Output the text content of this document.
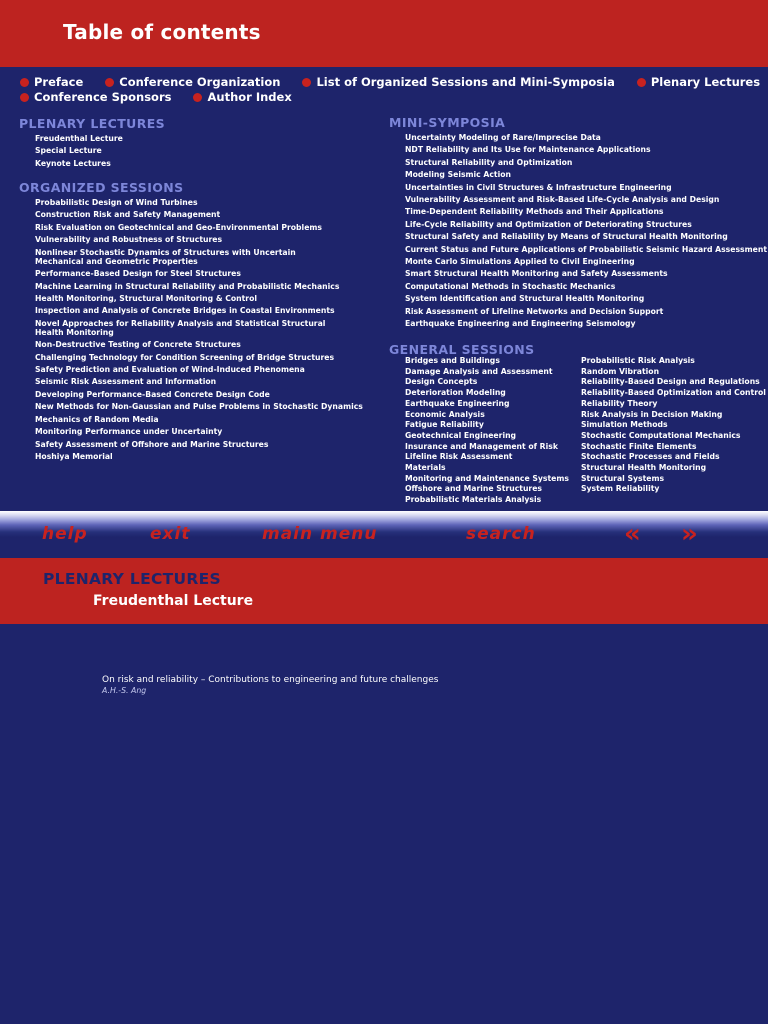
Table of contents
Preface	Conference Organization	List of Organized Sessions and Mini-Symposia	Plenary Lectures
Conference Sponsors	Author Index
PLENARY LECTURES
Freudenthal Lecture
Special Lecture
Keynote Lectures
ORGANIZED SESSIONS
Probabilistic Design of Wind Turbines
Construction Risk and Safety Management
Risk Evaluation on Geotechnical and Geo-Environmental Problems
Vulnerability and Robustness of Structures
Nonlinear Stochastic Dynamics of Structures with Uncertain Mechanical and Geometric Properties
Performance-Based Design for Steel Structures
Machine Learning in Structural Reliability and Probabilistic Mechanics
Health Monitoring, Structural Monitoring & Control
Inspection and Analysis of Concrete Bridges in Coastal Environments
Novel Approaches for Reliability Analysis and Statistical Structural Health Monitoring
Non-Destructive Testing of Concrete Structures
Challenging Technology for Condition Screening of Bridge Structures
Safety Prediction and Evaluation of Wind-Induced Phenomena
Seismic Risk Assessment and Information
Developing Performance-Based Concrete Design Code
New Methods for Non-Gaussian and Pulse Problems in Stochastic Dynamics
Mechanics of Random Media
Monitoring Performance under Uncertainty
Safety Assessment of Offshore and Marine Structures
Hoshiya Memorial
MINI-SYMPOSIA
Uncertainty Modeling of Rare/Imprecise Data
NDT Reliability and Its Use for Maintenance Applications
Structural Reliability and Optimization
Modeling Seismic Action
Uncertainties in Civil Structures & Infrastructure Engineering
Vulnerability Assessment and Risk-Based Life-Cycle Analysis and Design
Time-Dependent Reliability Methods and Their Applications
Life-Cycle Reliability and Optimization of Deteriorating Structures
Structural Safety and Reliability by Means of Structural Health Monitoring
Current Status and Future Applications of Probabilistic Seismic Hazard Assessment
Monte Carlo Simulations Applied to Civil Engineering
Smart Structural Health Monitoring and Safety Assessments
Computational Methods in Stochastic Mechanics
System Identification and Structural Health Monitoring
Risk Assessment of Lifeline Networks and Decision Support
Earthquake Engineering and Engineering Seismology
GENERAL SESSIONS
Bridges and Buildings
Damage Analysis and Assessment
Design Concepts
Deterioration Modeling
Earthquake Engineering
Economic Analysis
Fatigue Reliability
Geotechnical Engineering
Insurance and Management of Risk
Lifeline Risk Assessment
Materials
Monitoring and Maintenance Systems
Offshore and Marine Structures
Probabilistic Materials Analysis
Probabilistic Risk Analysis
Random Vibration
Reliability-Based Design and Regulations
Reliability-Based Optimization and Control
Reliability Theory
Risk Analysis in Decision Making
Simulation Methods
Stochastic Computational Mechanics
Stochastic Finite Elements
Stochastic Processes and Fields
Structural Health Monitoring
Structural Systems
System Reliability
help	exit	main menu	search	« »
PLENARY LECTURES
Freudenthal Lecture
On risk and reliability – Contributions to engineering and future challenges
A.H.-S. Ang
